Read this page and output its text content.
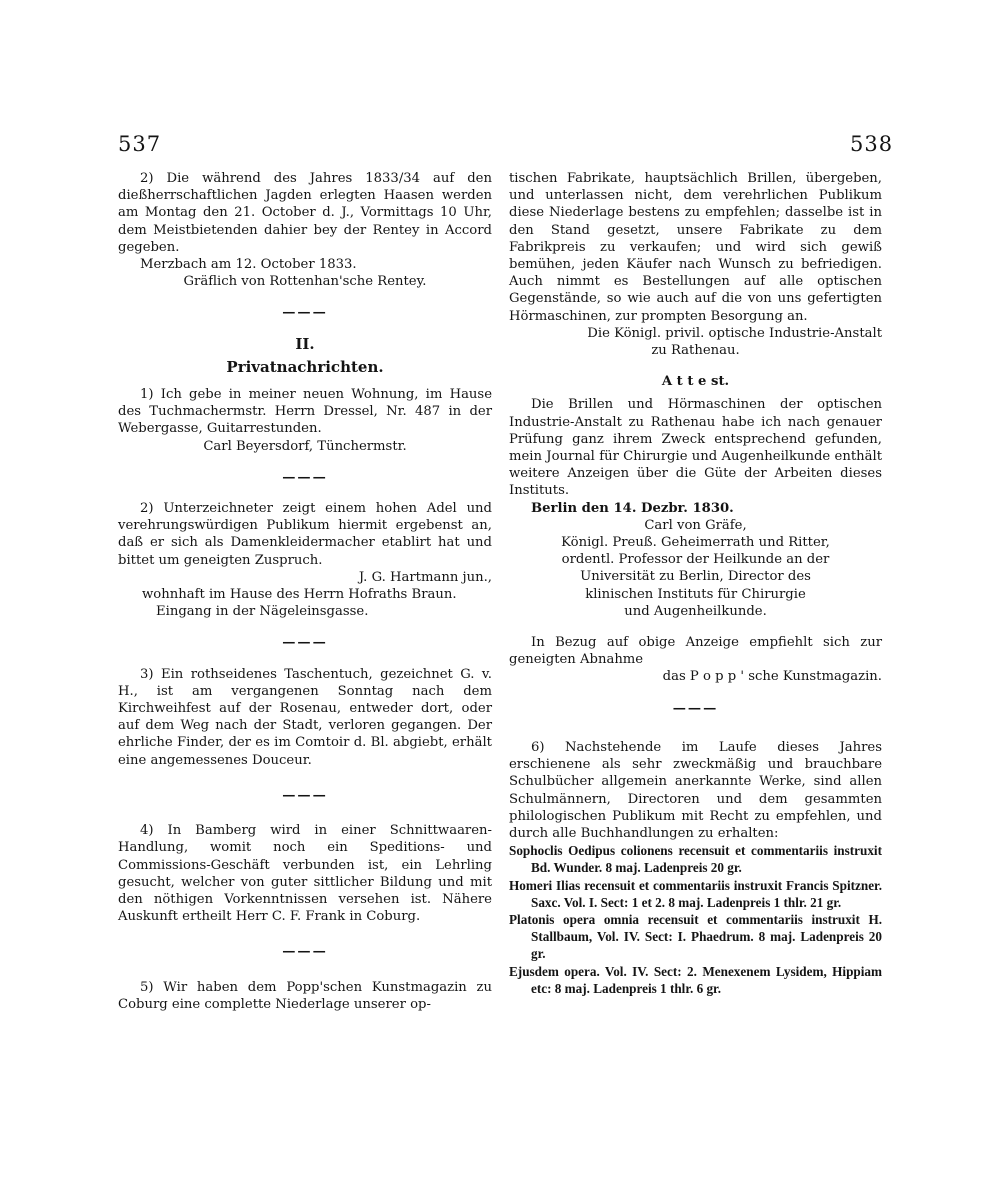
537	538

2) Die während des Jahres 1833/34 auf den dießherrschaftlichen Jagden erlegten Haasen werden am Montag den 21. October d. J., Vormittags 10 Uhr, dem Meistbietenden dahier bey der Rentey in Accord gegeben.

Merzbach am 12. October 1833.

Gräflich von Rottenhan'sche Rentey.

———

II.

Privatnachrichten.

1) Ich gebe in meiner neuen Wohnung, im Hause des Tuchmachermstr. Herrn Dressel, Nr. 487 in der Webergasse, Guitarrestunden.

Carl Beyersdorf, Tünchermstr.

———

2) Unterzeichneter zeigt einem hohen Adel und verehrungswürdigen Publikum hiermit ergebenst an, daß er sich als Damenkleidermacher etablirt hat und bittet um geneigten Zuspruch.

J. G. Hartmann jun.,

wohnhaft im Hause des Herrn Hofraths Braun.

Eingang in der Nägeleinsgasse.

———

3) Ein rothseidenes Taschentuch, gezeichnet G. v. H., ist am vergangenen Sonntag nach dem Kirchweihfest auf der Rosenau, entweder dort, oder auf dem Weg nach der Stadt, verloren gegangen. Der ehrliche Finder, der es im Comtoir d. Bl. abgiebt, erhält eine angemessenes Douceur.

———

4) In Bamberg wird in einer Schnittwaaren-Handlung, womit noch ein Speditions- und Commissions-Geschäft verbunden ist, ein Lehrling gesucht, welcher von guter sittlicher Bildung und mit den nöthigen Vorkenntnissen versehen ist. Nähere Auskunft ertheilt Herr C. F. Frank in Coburg.

———

5) Wir haben dem Popp'schen Kunstmagazin zu Coburg eine complette Niederlage unserer op-

tischen Fabrikate, hauptsächlich Brillen, übergeben, und unterlassen nicht, dem verehrlichen Publikum diese Niederlage bestens zu empfehlen; dasselbe ist in den Stand gesetzt, unsere Fabrikate zu dem Fabrikpreis zu verkaufen; und wird sich gewiß bemühen, jeden Käufer nach Wunsch zu befriedigen. Auch nimmt es Bestellungen auf alle optischen Gegenstände, so wie auch auf die von uns gefertigten Hörmaschinen, zur prompten Besorgung an.

Die Königl. privil. optische Industrie-Anstalt

zu Rathenau.

A t t e st.

Die Brillen und Hörmaschinen der optischen Industrie-Anstalt zu Rathenau habe ich nach genauer Prüfung ganz ihrem Zweck entsprechend gefunden, mein Journal für Chirurgie und Augenheilkunde enthält weitere Anzeigen über die Güte der Arbeiten dieses Instituts.

Berlin den 14. Dezbr. 1830.

Carl von Gräfe,

Königl. Preuß. Geheimerrath und Ritter,

ordentl. Professor der Heilkunde an der

Universität zu Berlin, Director des

klinischen Instituts für Chirurgie

und Augenheilkunde.

In Bezug auf obige Anzeige empfiehlt sich zur geneigten Abnahme

das P o p p ' sche Kunstmagazin.

———

6) Nachstehende im Laufe dieses Jahres erschienene als sehr zweckmäßig und brauchbare Schulbücher allgemein anerkannte Werke, sind allen Schulmännern, Directoren und dem gesammten philologischen Publikum mit Recht zu empfehlen, und durch alle Buchhandlungen zu erhalten:

Sophoclis Oedipus colionens recensuit et commentariis instruxit Bd. Wunder. 8 maj. Ladenpreis 20 gr.

Homeri Ilias recensuit et commentariis instruxit Francis Spitzner. Saxc. Vol. I. Sect: 1 et 2. 8 maj. Ladenpreis 1 thlr. 21 gr.

Platonis opera omnia recensuit et commentariis instruxit H. Stallbaum, Vol. IV. Sect: I. Phaedrum. 8 maj. Ladenpreis 20 gr.

Ejusdem opera. Vol. IV. Sect: 2. Menexenem Lysidem, Hippiam etc: 8 maj. Ladenpreis 1 thlr. 6 gr.
